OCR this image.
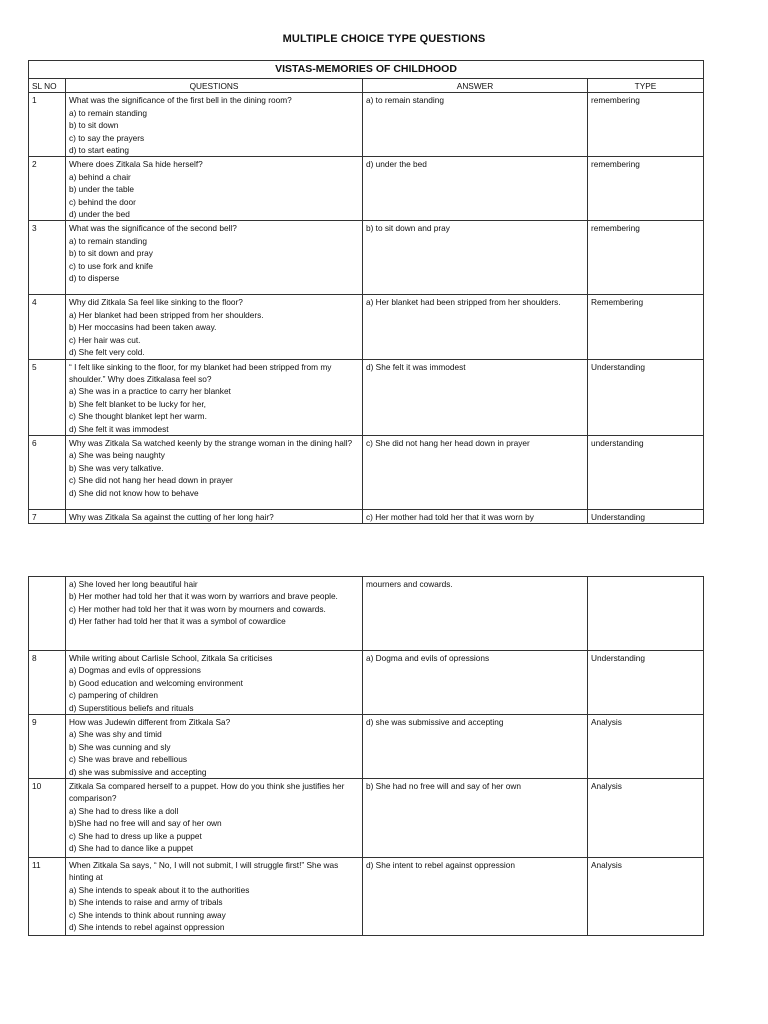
MULTIPLE CHOICE TYPE QUESTIONS
VISTAS-MEMORIES OF CHILDHOOD			
SL NO	QUESTIONS	ANSWER	TYPE
1	What was the significance of the first bell in the dining room?
a) to remain standing
b) to sit down
c) to say the prayers
d) to start eating	a) to remain standing	remembering
2	Where does Zitkala Sa hide herself?
a) behind a chair
b) under the table
c) behind the door
d) under the bed	d) under the bed	remembering
3	What was the significance of the second bell?
a) to remain standing
b) to sit down and pray
c) to use fork and knife
d) to disperse	b) to sit down and pray	remembering
4	Why did Zitkala Sa feel like sinking to the floor?
a) Her blanket had been stripped from her shoulders.
b) Her moccasins had been taken away.
c) Her hair was cut.
d) She felt very cold.	a) Her blanket had been stripped from her shoulders.	Remembering
5	“ I felt like sinking to the floor, for my blanket had been stripped from my shoulder.” Why does Zitkalasa feel so?
a) She was in a practice to carry her blanket
b) She felt blanket to be lucky for her,
c) She thought blanket lept her warm.
d) She felt it was immodest	d) She felt it was immodest	Understanding
6	Why was Zitkala Sa watched keenly by the strange woman in the dining hall?
a) She was being naughty
b) She was very talkative.
c) She did not hang her head down in prayer
d) She did not know how to behave	c) She did not hang her head down in prayer	understanding
7	Why was Zitkala Sa against the cutting of her long hair?	c) Her mother had told her that it was worn by	Understanding

	a) She loved her long beautiful hair
b) Her mother had told her that it was worn by warriors and brave people.
c) Her mother had told her that it was worn by mourners and cowards.
d) Her father had told her that it was a symbol of cowardice	mourners and cowards.	
8	While writing about Carlisle School, Zitkala Sa criticises
a) Dogmas and evils of oppressions
b) Good education and welcoming environment
c) pampering of children
d) Superstitious beliefs and rituals	a) Dogma and evils of opressions	Understanding
9	How was Judewin different from Zitkala Sa?
a) She was shy and timid
b) She was cunning and sly
c) She was brave and rebellious
d) she was submissive and accepting	d) she was submissive and accepting	Analysis
10	Zitkala Sa compared herself to a puppet. How do you think she justifies her comparison?
a) She had to dress like a doll
b)She had no free will and say of her own
c) She had to dress up like a puppet
d) She had to dance like a puppet	b) She had no free will and say of her own	Analysis
11	When Zitkala Sa says, “ No, I will not submit, I will struggle first!” She was hinting at
a) She intends to speak about it to the authorities
b) She intends to raise and army of tribals
c) She intends to think about running away
d) She intends to rebel against oppression	d) She intent to rebel against oppression	Analysis
